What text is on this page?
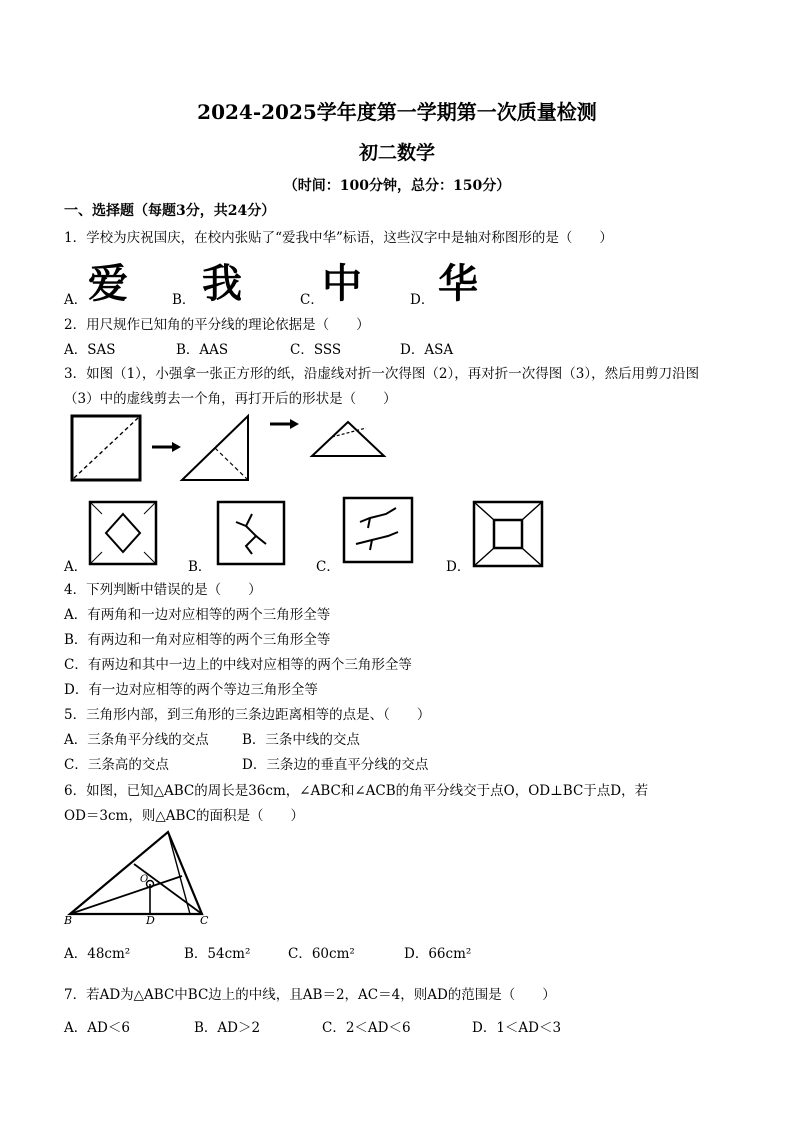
2024-2025学年度第一学期第一次质量检测
初二数学
（时间：100分钟，总分：150分）
一、选择题（每题3分，共24分）
1．学校为庆祝国庆，在校内张贴了“爱我中华”标语，这些汉字中是轴对称图形的是（　　）
A． 爱	B． 我	C．
中	D． 华
2．用尺规作已知角的平分线的理论依据是（　　）
A．SAS	B．AAS	C．SSS	D．ASA
3．如图（1），小强拿一张正方形的纸，沿虚线对折一次得图（2），再对折一次得图（3），然后用剪刀沿图
（3）中的虚线剪去一个角，再打开后的形状是（　　）
A．	B．	C．	D．
4．下列判断中错误的是（　　）
A．有两角和一边对应相等的两个三角形全等
B．有两边和一角对应相等的两个三角形全等
C．有两边和其中一边上的中线对应相等的两个三角形全等
D．有一边对应相等的两个等边三角形全等
5．三角形内部，到三角形的三条边距离相等的点是、（　　）
A．三条角平分线的交点 B．三条中线的交点
C．三条高的交点	D．三条边的垂直平分线的交点
6．如图，已知△ABC的周长是36cm，∠ABC和∠ACB的角平分线交于点O，OD⊥BC于点D，若
OD＝3cm，则△ABC的面积是（　　）
B	D	C
O
A．48cm²	B．54cm²	C．60cm²	D．66cm²
7．若AD为△ABC中BC边上的中线，且AB＝2，AC＝4，则AD的范围是（　　）
A．AD＜6	B．AD＞2	C．2＜AD＜6	D．1＜AD＜3
